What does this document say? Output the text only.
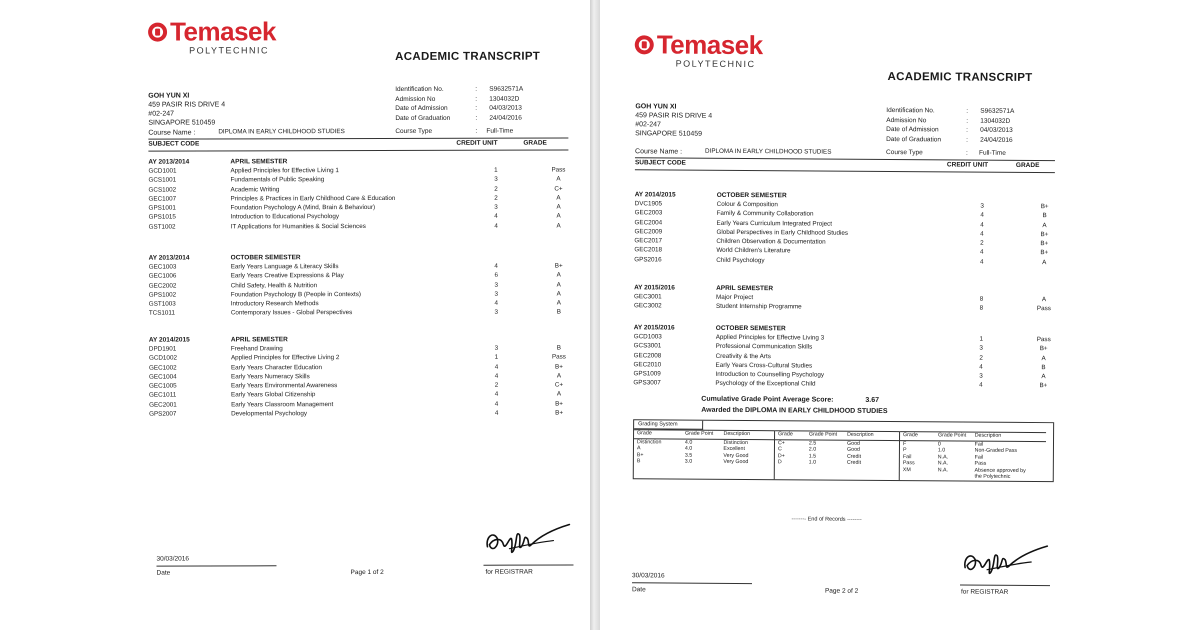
Temasek
POLYTECHNIC
ACADEMIC TRANSCRIPT
GOH YUN XI
459 PASIR RIS DRIVE 4
#02-247
SINGAPORE 510459
Identification No.	:	S9632571A
Admission No	:	1304032D
Date of Admission	:	04/03/2013
Date of Graduation	:	24/04/2016
Course Name :	DIPLOMA IN EARLY CHILDHOOD STUDIES	Course Type	: Full-Time
SUBJECT CODE	CREDIT UNIT	GRADE
AY 2013/2014	APRIL SEMESTER
GCD1001	Applied Principles for Effective Living 1	1	Pass
GCS1001	Fundamentals of Public Speaking	3	A
GCS1002	Academic Writing	2	C+
GEC1007	Principles & Practices in Early Childhood Care & Education	2	A
GPS1001	Foundation Psychology A (Mind, Brain & Behaviour)	3	A
GPS1015	Introduction to Educational Psychology	4	A
GST1002	IT Applications for Humanities & Social Sciences	4	A
AY 2013/2014	OCTOBER SEMESTER
GEC1003	Early Years Language & Literacy Skills	4	B+
GEC1006	Early Years Creative Expressions & Play	6	A
GEC2002	Child Safety, Health & Nutrition	3	A
GPS1002	Foundation Psychology B (People in Contexts)	3	A
GST1003	Introductory Research Methods	4	A
TCS1011	Contemporary Issues - Global Perspectives	3	B
AY 2014/2015	APRIL SEMESTER
DPD1901	Freehand Drawing	3	B
GCD1002	Applied Principles for Effective Living 2	1	Pass
GEC1002	Early Years Character Education	4	B+
GEC1004	Early Years Numeracy Skills	4	A
GEC1005	Early Years Environmental Awareness	2	C+
GEC1011	Early Years Global Citizenship	4	A
GEC2001	Early Years Classroom Management	4	B+
GPS2007	Developmental Psychology	4	B+
30/03/2016
Date	Page 1 of 2	for REGISTRAR
Temasek
POLYTECHNIC
ACADEMIC TRANSCRIPT
GOH YUN XI
459 PASIR RIS DRIVE 4
#02-247
SINGAPORE 510459
Identification No.	:	S9632571A
Admission No	:	1304032D
Date of Admission	:	04/03/2013
Date of Graduation	:	24/04/2016
Course Name :	DIPLOMA IN EARLY CHILDHOOD STUDIES	Course Type	: Full-Time
SUBJECT CODE	CREDIT UNIT	GRADE
AY 2014/2015	OCTOBER SEMESTER
DVC1905	Colour & Composition	3	B+
GEC2003	Family & Community Collaboration	4	B
GEC2004	Early Years Curriculum Integrated Project	4	A
GEC2009	Global Perspectives in Early Childhood Studies	4	B+
GEC2017	Children Observation & Documentation	2	B+
GEC2018	World Children's Literature	4	B+
GPS2016	Child Psychology	4	A
AY 2015/2016	APRIL SEMESTER
GEC3001	Major Project	8	A
GEC3002	Student Internship Programme	8	Pass
AY 2015/2016	OCTOBER SEMESTER
GCD1003	Applied Principles for Effective Living 3	1	Pass
GCS3001	Professional Communication Skills	3	B+
GEC2008	Creativity & the Arts	2	A
GEC2010	Early Years Cross-Cultural Studies	4	B
GPS1009	Introduction to Counselling Psychology	3	A
GPS3007	Psychology of the Exceptional Child	4	B+
Cumulative Grade Point Average Score:	3.67
Awarded the DIPLOMA IN EARLY CHILDHOOD STUDIES
Grading System
Grade	Grade Point	Description
Distinction	4.0	Distinction
A	4.0	Excellent
B+	3.5	Very Good
B	3.0	Very Good
Grade	Grade Point	Description
C+	2.5	Good
C	2.0	Good
D+	1.5	Credit
D	1.0	Credit
Grade	Grade Point	Description
F	0	Fail
P	1.0	Non-Graded Pass
Fail	N.A.	Fail
Pass	N.A.	Pass
XM	N.A.	Absence approved by
the Polytechnic
-------- End of Records --------
30/03/2016
Date	Page 2 of 2	for REGISTRAR
